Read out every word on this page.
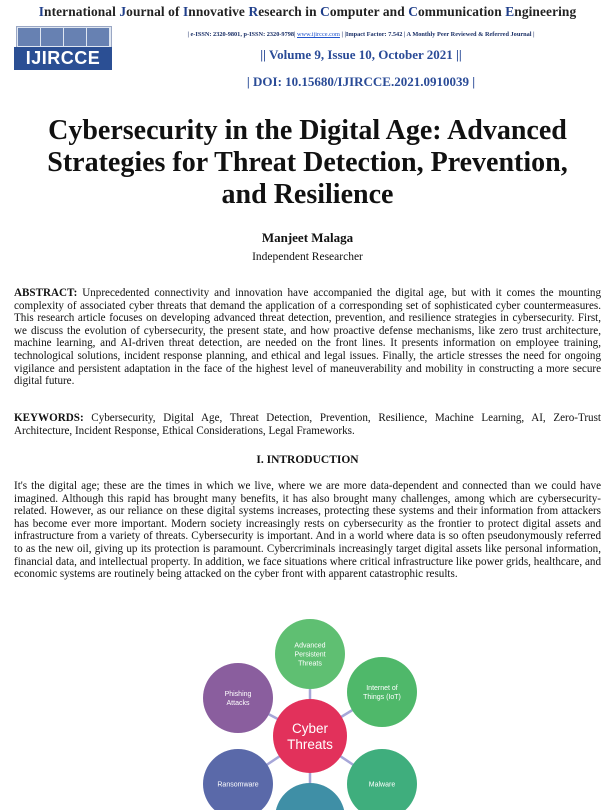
International Journal of Innovative Research in Computer and Communication Engineering
IJIRCCE
| e-ISSN: 2320-9801, p-ISSN: 2320-9798| www.ijircce.com | |Impact Factor: 7.542 | A Monthly Peer Reviewed & Referred Journal |
|| Volume 9, Issue 10, October 2021 ||
| DOI: 10.15680/IJIRCCE.2021.0910039 |
Cybersecurity in the Digital Age: Advanced
Strategies for Threat Detection, Prevention,
and Resilience
Manjeet Malaga
Independent Researcher

ABSTRACT: Unprecedented connectivity and innovation have accompanied the digital age, but with it comes the mounting complexity of associated cyber threats that demand the application of a corresponding set of sophisticated cyber countermeasures. This research article focuses on developing advanced threat detection, prevention, and resilience strategies in cybersecurity. First, we discuss the evolution of cybersecurity, the present state, and how proactive defense mechanisms, like zero trust architecture, machine learning, and AI-driven threat detection, are needed on the front lines. It presents information on employee training, technological solutions, incident response planning, and ethical and legal issues. Finally, the article stresses the need for ongoing vigilance and persistent adaptation in the face of the highest level of maneuverability and mobility in constructing a more secure digital future.

KEYWORDS: Cybersecurity, Digital Age, Threat Detection, Prevention, Resilience, Machine Learning, AI, Zero-Trust Architecture, Incident Response, Ethical Considerations, Legal Frameworks.

I. INTRODUCTION

It's the digital age; these are the times in which we live, where we are more data-dependent and connected than we could have imagined. Although this rapid has brought many benefits, it has also brought many challenges, among which are cybersecurity-related. However, as our reliance on these digital systems increases, protecting these systems and their information from attackers has become ever more important. Modern society increasingly rests on cybersecurity as the frontier to protect digital assets and infrastructure from a variety of threats. Cybersecurity is important. And in a world where data is so often pseudonymously referred to as the new oil, giving up its protection is paramount. Cybercriminals increasingly target digital assets like personal information, financial data, and intellectual property. In addition, we face situations where critical infrastructure like power grids, healthcare, and economic systems are routinely being attacked on the cyber front with apparent catastrophic results.

Advanced
Persistent
Threats
Internet of
Things (IoT)
Malware
Phishing
Attacks
Ransomware
Cyber
Threats
